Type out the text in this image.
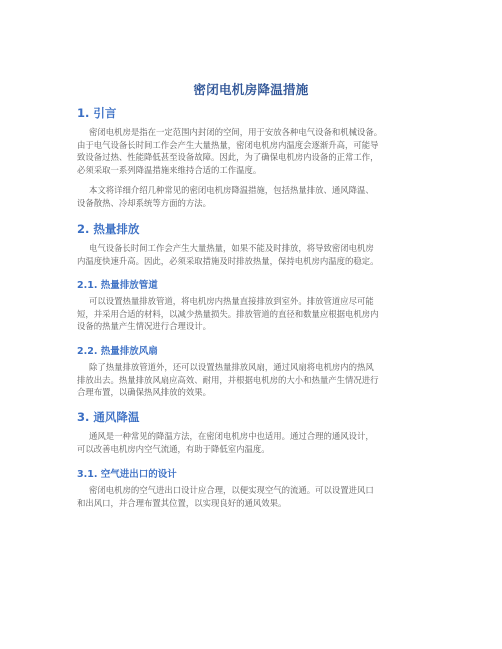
密闭电机房降温措施
1. 引言

密闭电机房是指在一定范围内封闭的空间，用于安放各种电气设备和机械设备。
由于电气设备长时间工作会产生大量热量，密闭电机房内温度会逐渐升高，可能导
致设备过热、性能降低甚至设备故障。因此，为了确保电机房内设备的正常工作，
必须采取一系列降温措施来维持合适的工作温度。

本文将详细介绍几种常见的密闭电机房降温措施，包括热量排放、通风降温、
设备散热、冷却系统等方面的方法。

2. 热量排放

电气设备长时间工作会产生大量热量，如果不能及时排放，将导致密闭电机房
内温度快速升高。因此，必须采取措施及时排放热量，保持电机房内温度的稳定。

2.1. 热量排放管道

可以设置热量排放管道，将电机房内热量直接排放到室外。排放管道应尽可能
短，并采用合适的材料，以减少热量损失。排放管道的直径和数量应根据电机房内
设备的热量产生情况进行合理设计。

2.2. 热量排放风扇

除了热量排放管道外，还可以设置热量排放风扇，通过风扇将电机房内的热风
排放出去。热量排放风扇应高效、耐用，并根据电机房的大小和热量产生情况进行
合理布置，以确保热风排放的效果。

3. 通风降温

通风是一种常见的降温方法，在密闭电机房中也适用。通过合理的通风设计，
可以改善电机房内空气流通，有助于降低室内温度。

3.1. 空气进出口的设计

密闭电机房的空气进出口设计应合理，以便实现空气的流通。可以设置进风口
和出风口，并合理布置其位置，以实现良好的通风效果。
